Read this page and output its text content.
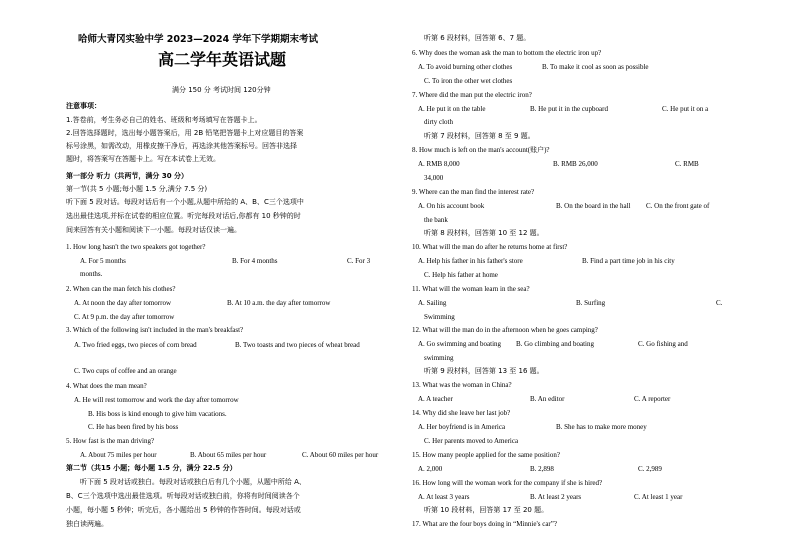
哈师大青冈实验中学 2023—2024 学年下学期期末考试
高二学年英语试题
满分 150 分 考试时间 120分钟
注意事项：
1.答卷前，考生务必自己的姓名、班级和考场填写在答题卡上。
2.回答选择题时，选出每小题答案后，用 2B 铅笔把答题卡上对应题目的答案
标号涂黑，如需改动，用橡皮擦干净后，再选涂其他答案标号。回答非选择
题时，将答案写在答题卡上。写在本试卷上无效。
第一部分 听力（共两节，满分 30 分）
第一节(共 5 小题;每小题 1.5 分,满分 7.5 分)
听下面 5 段对话。每段对话后有一个小题,从题中所给的 A、B、C三个选项中
选出最佳选项,并标在试卷的相应位置。听完每段对话后,你都有 10 秒钟的时
间来回答有关小题和阅读下一小题。每段对话仅读一遍。
1. How long hasn't the two speakers got together?
A. For 5 months	B. For 4 months	C. For 3
months.
2. When can the man fetch his clothes?
A. At noon the day after tomorrow	B. At 10 a.m. the day after tomorrow
C. At 9 p.m. the day after tomorrow
3. Which of the following isn't included in the man's breakfast?
A. Two fried eggs, two pieces of corn bread	B. Two toasts and two pieces of wheat bread
C. Two cups of coffee and an orange
4. What does the man mean?
A. He will rest tomorrow and work the day after tomorrow
B. His boss is kind enough to give him vacations.
C. He has been fired by his boss
5. How fast is the man driving?
A. About 75 miles per hour	B. About 65 miles per hour	C. About 60 miles per hour
第二节（共15 小题；每小题 1.5 分，满分 22.5 分）
听下面 5 段对话或独白。每段对话或独白后有几个小题，从题中所给 A、
B、C三个选项中选出最佳选项。听每段对话或独白前，你将有时间阅读各个
小题，每小题 5 秒钟；听完后，各小题给出 5 秒钟的作答时间。每段对话或
独白读两遍。
听第 6 段材料，回答第 6、7 题。
6. Why does the woman ask the man to bottom the electric iron up?
A. To avoid burning other clothes	B. To make it cool as soon as possible
C. To iron the other wet clothes
7. Where did the man put the electric iron?
A. He put it on the table	B. He put it in the cupboard	C. He put it on a
dirty cloth
听第 7 段材料，回答第 8 至 9 题。
8. How much is left on the man's account(账户)?
A. RMB 8,000	B. RMB 26,000	C. RMB
34,000
9. Where can the man find the interest rate?
A. On his account book	B. On the board in the hall C. On the front gate of
the bank
听第 8 段材料，回答第 10 至 12 题。
10. What will the man do after he returns home at first?
A. Help his father in his father's store	B. Find a part time job in his city
C. Help his father at home
11. What will the woman learn in the sea?
A. Sailing	B. Surfing	C.
Swimming
12. What will the man do in the afternoon when he goes camping?
A. Go swimming and boating B. Go climbing and boating	C. Go fishing and
swimming
听第 9 段材料，回答第 13 至 16 题。
13. What was the woman in China?
A. A teacher	B. An editor	C. A reporter
14. Why did she leave her last job?
A. Her boyfriend is in America	B. She has to make more money
C. Her parents moved to America
15. How many people applied for the same position?
A. 2,000	B. 2,898	C. 2,989
16. How long will the woman work for the company if she is hired?
A. At least 3 years	B. At least 2 years	C. At least 1 year
听第 10 段材料，回答第 17 至 20 题。
17. What are the four boys doing in “Minnie's car”?
